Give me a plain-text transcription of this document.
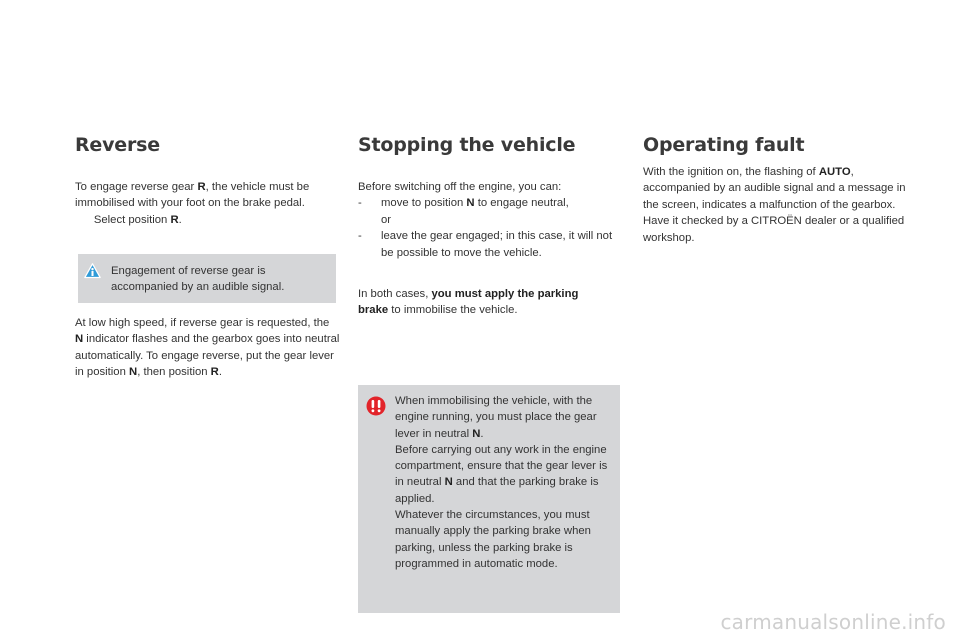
Reverse

To engage reverse gear R, the vehicle must be immobilised with your foot on the brake pedal.
Select position R.

At low high speed, if reverse gear is requested, the N indicator flashes and the gearbox goes into neutral automatically. To engage reverse, put the gear lever in position N, then position R.

Engagement of reverse gear is accompanied by an audible signal.
Stopping the vehicle

Before switching off the engine, you can:
- move to position N to engage neutral,
or
- leave the gear engaged; in this case, it will not be possible to move the vehicle.

In both cases, you must apply the parking brake to immobilise the vehicle.

When immobilising the vehicle, with the engine running, you must place the gear lever in neutral N.
Before carrying out any work in the engine compartment, ensure that the gear lever is in neutral N and that the parking brake is applied.
Whatever the circumstances, you must manually apply the parking brake when parking, unless the parking brake is programmed in automatic mode.
Operating fault

With the ignition on, the flashing of AUTO, accompanied by an audible signal and a message in the screen, indicates a malfunction of the gearbox.
Have it checked by a CITROËN dealer or a qualified workshop.

carmanualsonline.info
